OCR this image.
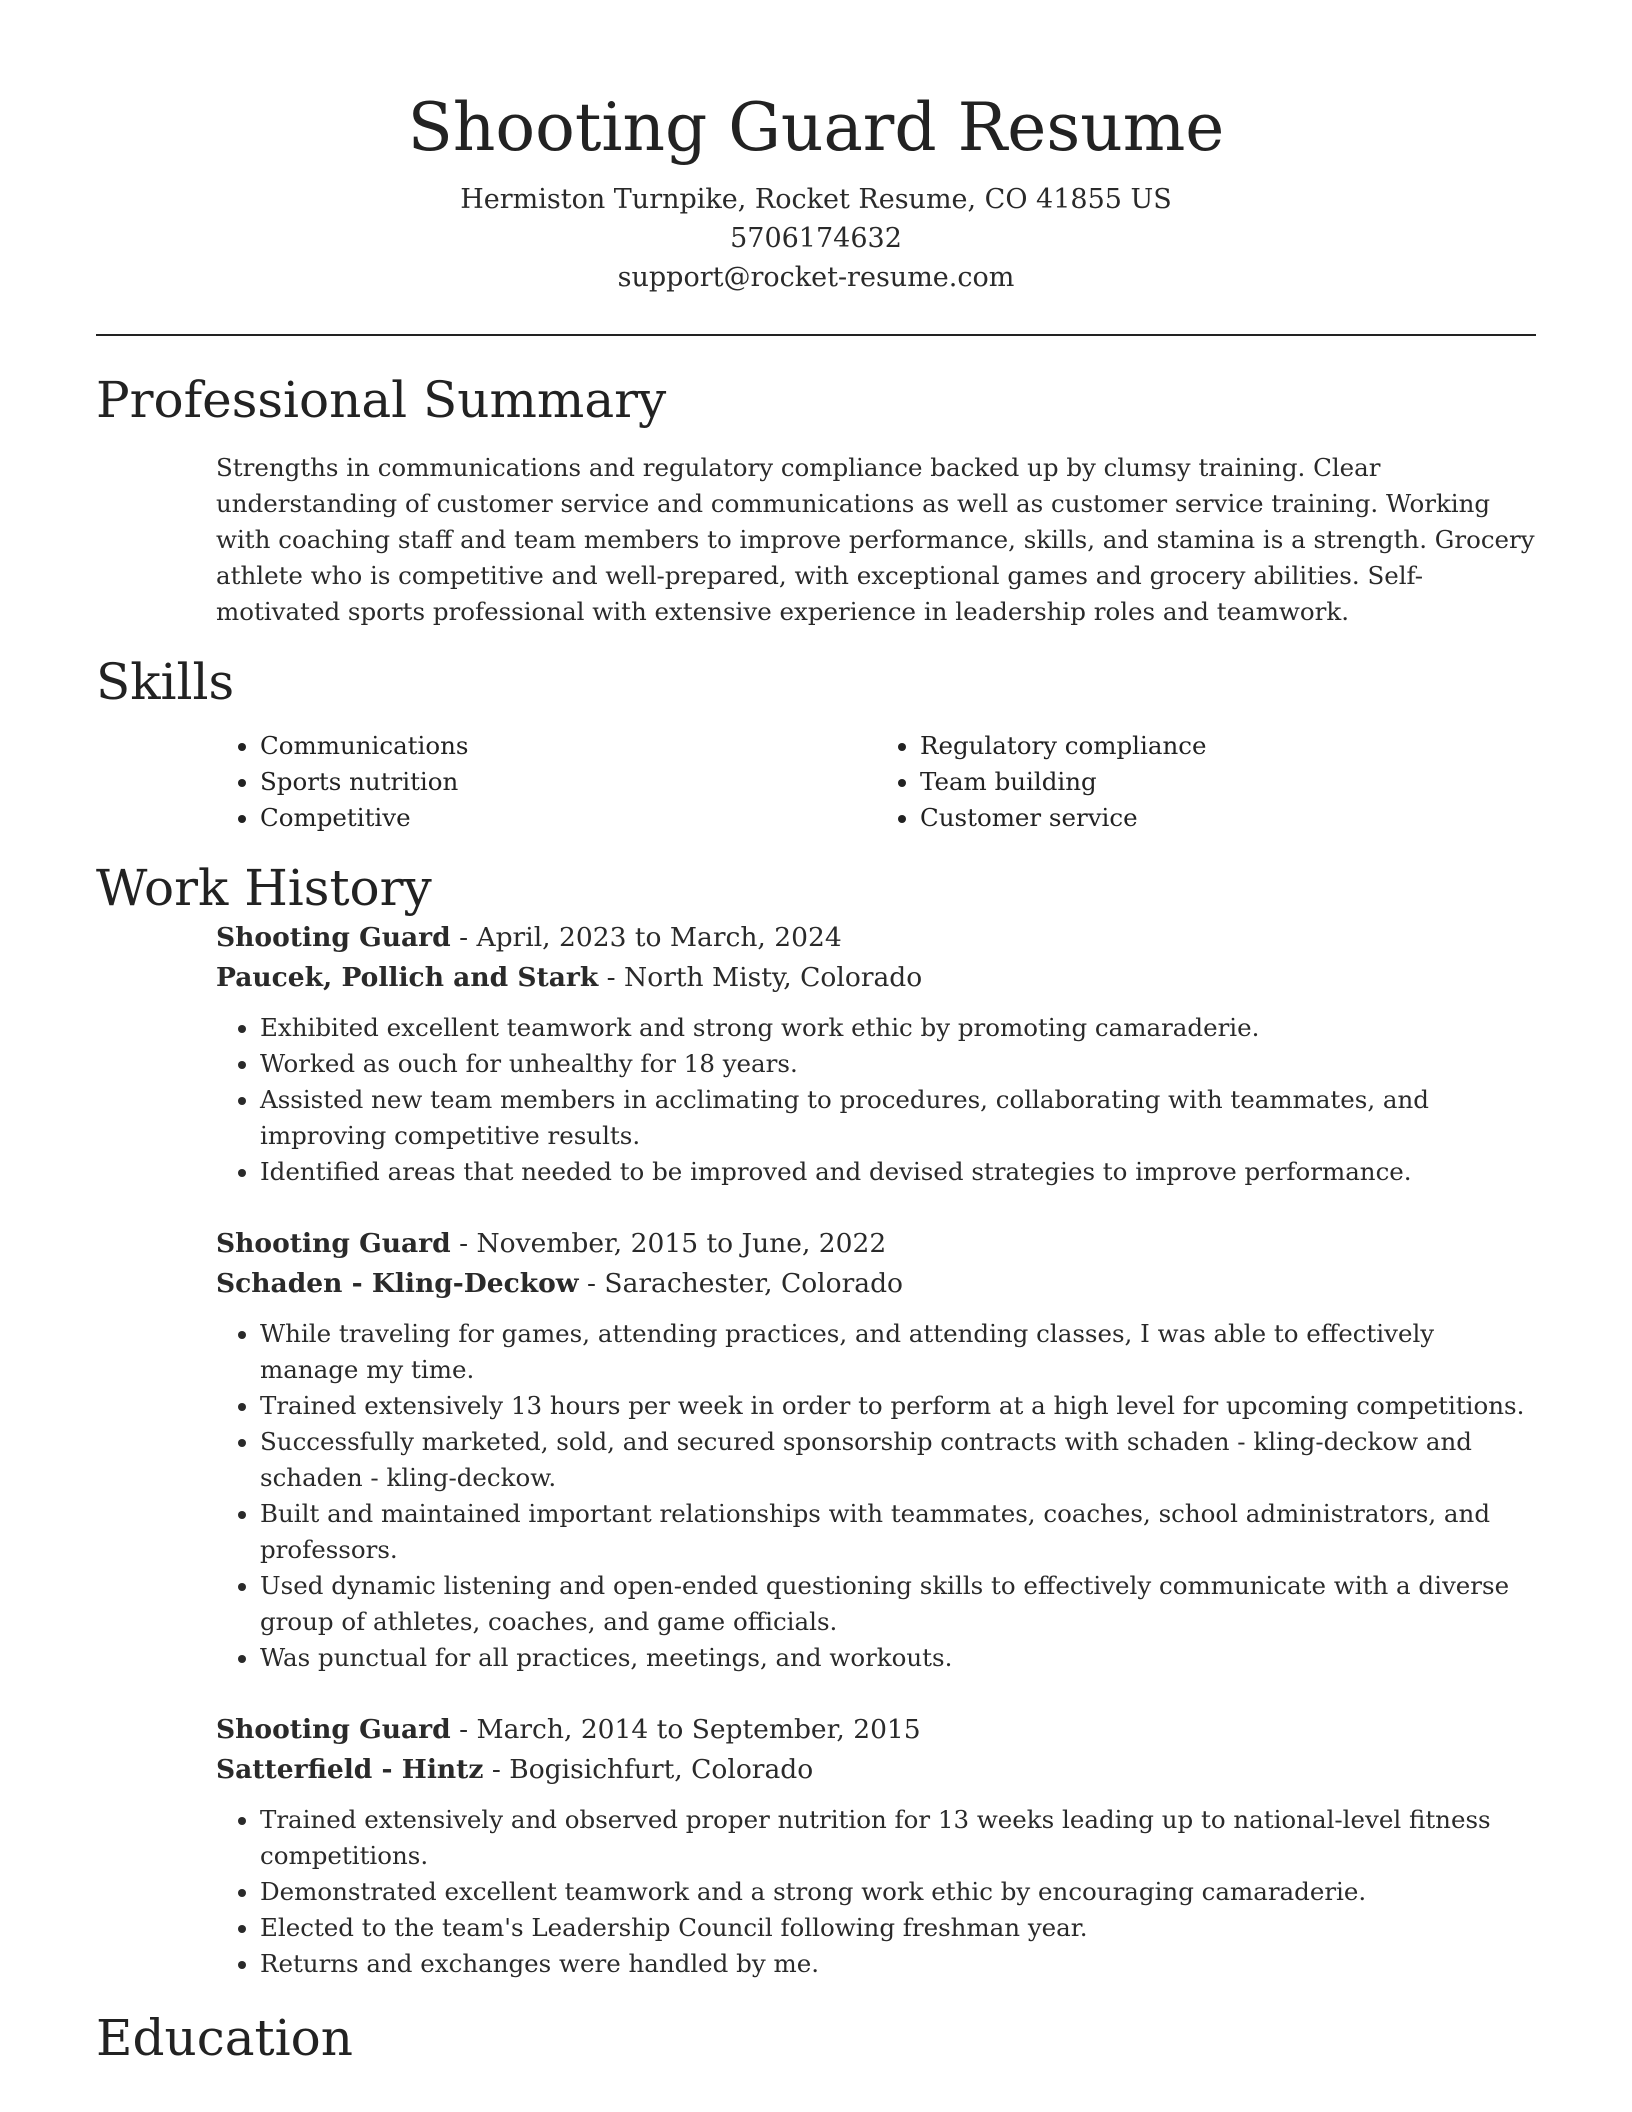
Shooting Guard Resume
Hermiston Turnpike, Rocket Resume, CO 41855 US
5706174632
support@rocket-resume.com
Professional Summary

Strengths in communications and regulatory compliance backed up by clumsy training. Clear understanding of customer service and communications as well as customer service training. Working with coaching staff and team members to improve performance, skills, and stamina is a strength. Grocery athlete who is competitive and well-prepared, with exceptional games and grocery abilities. Self-motivated sports professional with extensive experience in leadership roles and teamwork.

Skills
• Communications
• Sports nutrition
• Competitive
• Regulatory compliance
• Team building
• Customer service
Work History
Shooting Guard - April, 2023 to March, 2024
Paucek, Pollich and Stark - North Misty, Colorado
• Exhibited excellent teamwork and strong work ethic by promoting camaraderie.
• Worked as ouch for unhealthy for 18 years.
• Assisted new team members in acclimating to procedures, collaborating with teammates, and improving competitive results.
• Identified areas that needed to be improved and devised strategies to improve performance.
Shooting Guard - November, 2015 to June, 2022
Schaden - Kling-Deckow - Sarachester, Colorado
• While traveling for games, attending practices, and attending classes, I was able to effectively manage my time.
• Trained extensively 13 hours per week in order to perform at a high level for upcoming competitions.
• Successfully marketed, sold, and secured sponsorship contracts with schaden - kling-deckow and schaden - kling-deckow.
• Built and maintained important relationships with teammates, coaches, school administrators, and professors.
• Used dynamic listening and open-ended questioning skills to effectively communicate with a diverse group of athletes, coaches, and game officials.
• Was punctual for all practices, meetings, and workouts.
Shooting Guard - March, 2014 to September, 2015
Satterfield - Hintz - Bogisichfurt, Colorado
• Trained extensively and observed proper nutrition for 13 weeks leading up to national-level fitness competitions.
• Demonstrated excellent teamwork and a strong work ethic by encouraging camaraderie.
• Elected to the team's Leadership Council following freshman year.
• Returns and exchanges were handled by me.
Education
